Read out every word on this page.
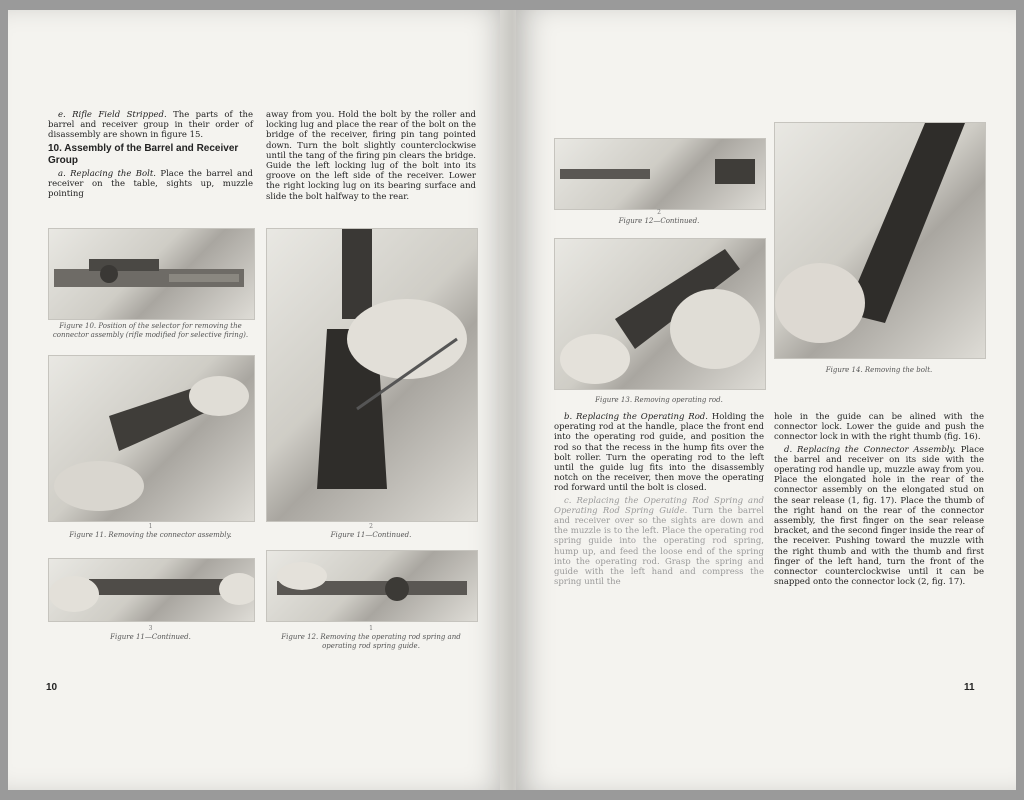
e. Rifle Field Stripped. The parts of the barrel and receiver group in their order of disassembly are shown in figure 15.

10. Assembly of the Barrel and Receiver Group

a. Replacing the Bolt. Place the barrel and receiver on the table, sights up, muzzle pointing

away from you. Hold the bolt by the roller and locking lug and place the rear of the bolt on the bridge of the receiver, firing pin tang pointed down. Turn the bolt slightly counterclockwise until the tang of the firing pin clears the bridge. Guide the left locking lug of the bolt into its groove on the left side of the receiver. Lower the right locking lug on its bearing surface and slide the bolt halfway to the rear.

Figure 10. Position of the selector for removing the connector assembly (rifle modified for selective firing).
1
Figure 11. Removing the connector assembly.
2
Figure 11—Continued.
3
Figure 11—Continued.
1
Figure 12. Removing the operating rod spring and operating rod spring guide.
10
2
Figure 12—Continued.
Figure 13. Removing operating rod.
Figure 14. Removing the bolt.

b. Replacing the Operating Rod. Holding the operating rod at the handle, place the front end into the operating rod guide, and position the rod so that the recess in the hump fits over the bolt roller. Turn the operating rod to the left until the guide lug fits into the disassembly notch on the receiver, then move the operating rod forward until the bolt is closed.

c. Replacing the Operating Rod Spring and Operating Rod Spring Guide. Turn the barrel and receiver over so the sights are down and the muzzle is to the left. Place the operating rod spring guide into the operating rod spring, hump up, and feed the loose end of the spring into the operating rod. Grasp the spring and guide with the left hand and compress the spring until the

hole in the guide can be alined with the connector lock. Lower the guide and push the connector lock in with the right thumb (fig. 16).

d. Replacing the Connector Assembly. Place the barrel and receiver on its side with the operating rod handle up, muzzle away from you. Place the elongated hole in the rear of the connector assembly on the elongated stud on the sear release (1, fig. 17). Place the thumb of the right hand on the rear of the connector assembly, the first finger on the sear release bracket, and the second finger inside the rear of the receiver. Pushing toward the muzzle with the right thumb and with the thumb and first finger of the left hand, turn the front of the connector counterclockwise until it can be snapped onto the connector lock (2, fig. 17).

11
